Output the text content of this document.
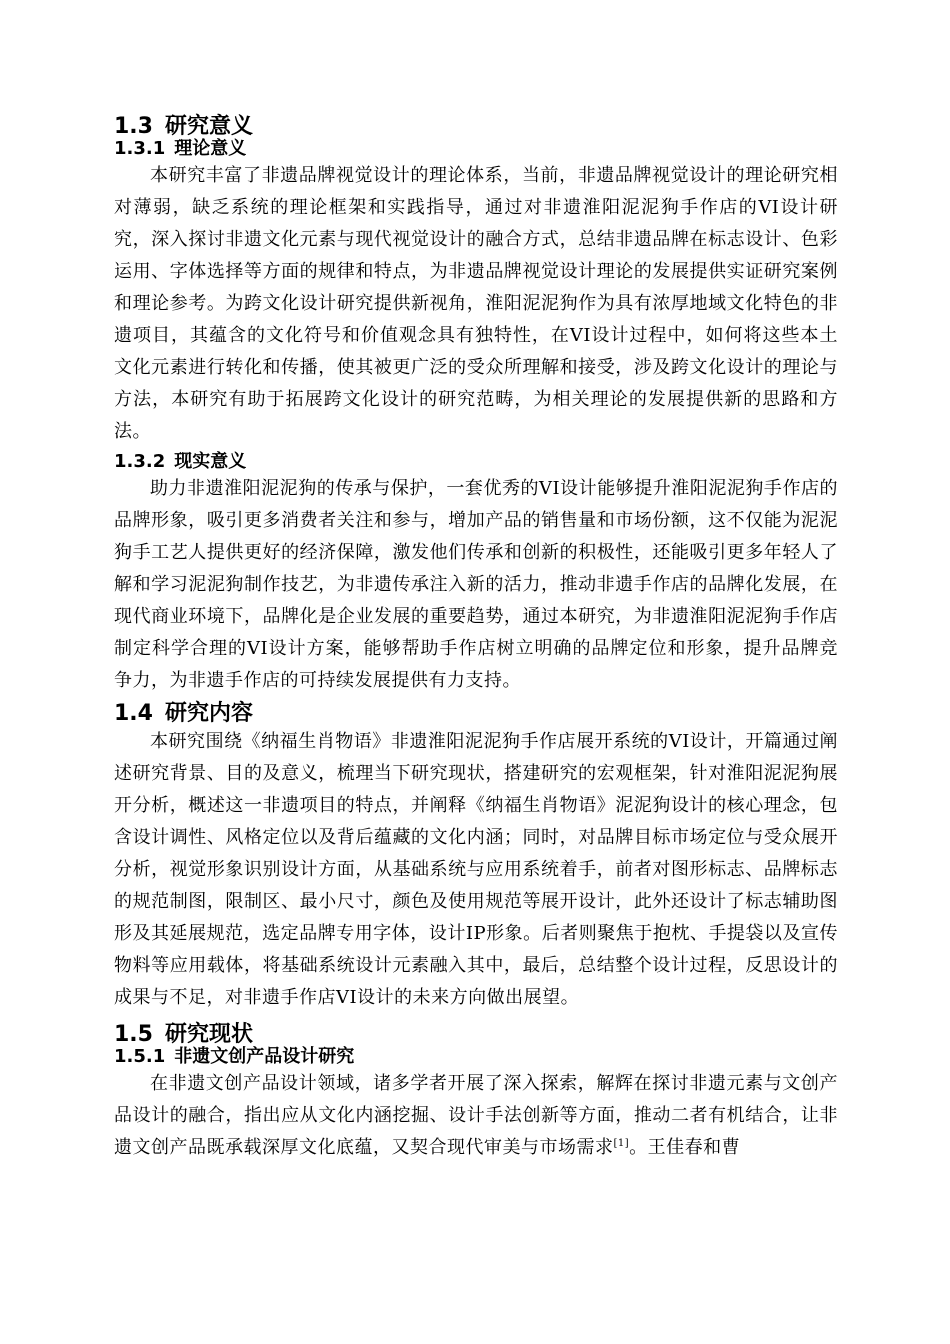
1.3 研究意义
1.3.1 理论意义

本研究丰富了非遗品牌视觉设计的理论体系，当前，非遗品牌视觉设计的理论研究相对薄弱，缺乏系统的理论框架和实践指导，通过对非遗淮阳泥泥狗手作店的VI设计研究，深入探讨非遗文化元素与现代视觉设计的融合方式，总结非遗品牌在标志设计、色彩运用、字体选择等方面的规律和特点，为非遗品牌视觉设计理论的发展提供实证研究案例和理论参考。为跨文化设计研究提供新视角，淮阳泥泥狗作为具有浓厚地域文化特色的非遗项目，其蕴含的文化符号和价值观念具有独特性，在VI设计过程中，如何将这些本土文化元素进行转化和传播，使其被更广泛的受众所理解和接受，涉及跨文化设计的理论与方法，本研究有助于拓展跨文化设计的研究范畴，为相关理论的发展提供新的思路和方法。

1.3.2 现实意义

助力非遗淮阳泥泥狗的传承与保护，一套优秀的VI设计能够提升淮阳泥泥狗手作店的品牌形象，吸引更多消费者关注和参与，增加产品的销售量和市场份额，这不仅能为泥泥狗手工艺人提供更好的经济保障，激发他们传承和创新的积极性，还能吸引更多年轻人了解和学习泥泥狗制作技艺，为非遗传承注入新的活力，推动非遗手作店的品牌化发展，在现代商业环境下，品牌化是企业发展的重要趋势，通过本研究，为非遗淮阳泥泥狗手作店制定科学合理的VI设计方案，能够帮助手作店树立明确的品牌定位和形象，提升品牌竞争力，为非遗手作店的可持续发展提供有力支持。

1.4 研究内容

本研究围绕《纳福生肖物语》非遗淮阳泥泥狗手作店展开系统的VI设计，开篇通过阐述研究背景、目的及意义，梳理当下研究现状，搭建研究的宏观框架，针对淮阳泥泥狗展开分析，概述这一非遗项目的特点，并阐释《纳福生肖物语》泥泥狗设计的核心理念，包含设计调性、风格定位以及背后蕴藏的文化内涵；同时，对品牌目标市场定位与受众展开分析，视觉形象识别设计方面，从基础系统与应用系统着手，前者对图形标志、品牌标志的规范制图，限制区、最小尺寸，颜色及使用规范等展开设计，此外还设计了标志辅助图形及其延展规范，选定品牌专用字体，设计IP形象。后者则聚焦于抱枕、手提袋以及宣传物料等应用载体，将基础系统设计元素融入其中，最后，总结整个设计过程，反思设计的成果与不足，对非遗手作店VI设计的未来方向做出展望。

1.5 研究现状
1.5.1 非遗文创产品设计研究

在非遗文创产品设计领域，诸多学者开展了深入探索，解辉在探讨非遗元素与文创产品设计的融合，指出应从文化内涵挖掘、设计手法创新等方面，推动二者有机结合，让非遗文创产品既承载深厚文化底蕴，又契合现代审美与市场需求[1]。王佳春和曹
